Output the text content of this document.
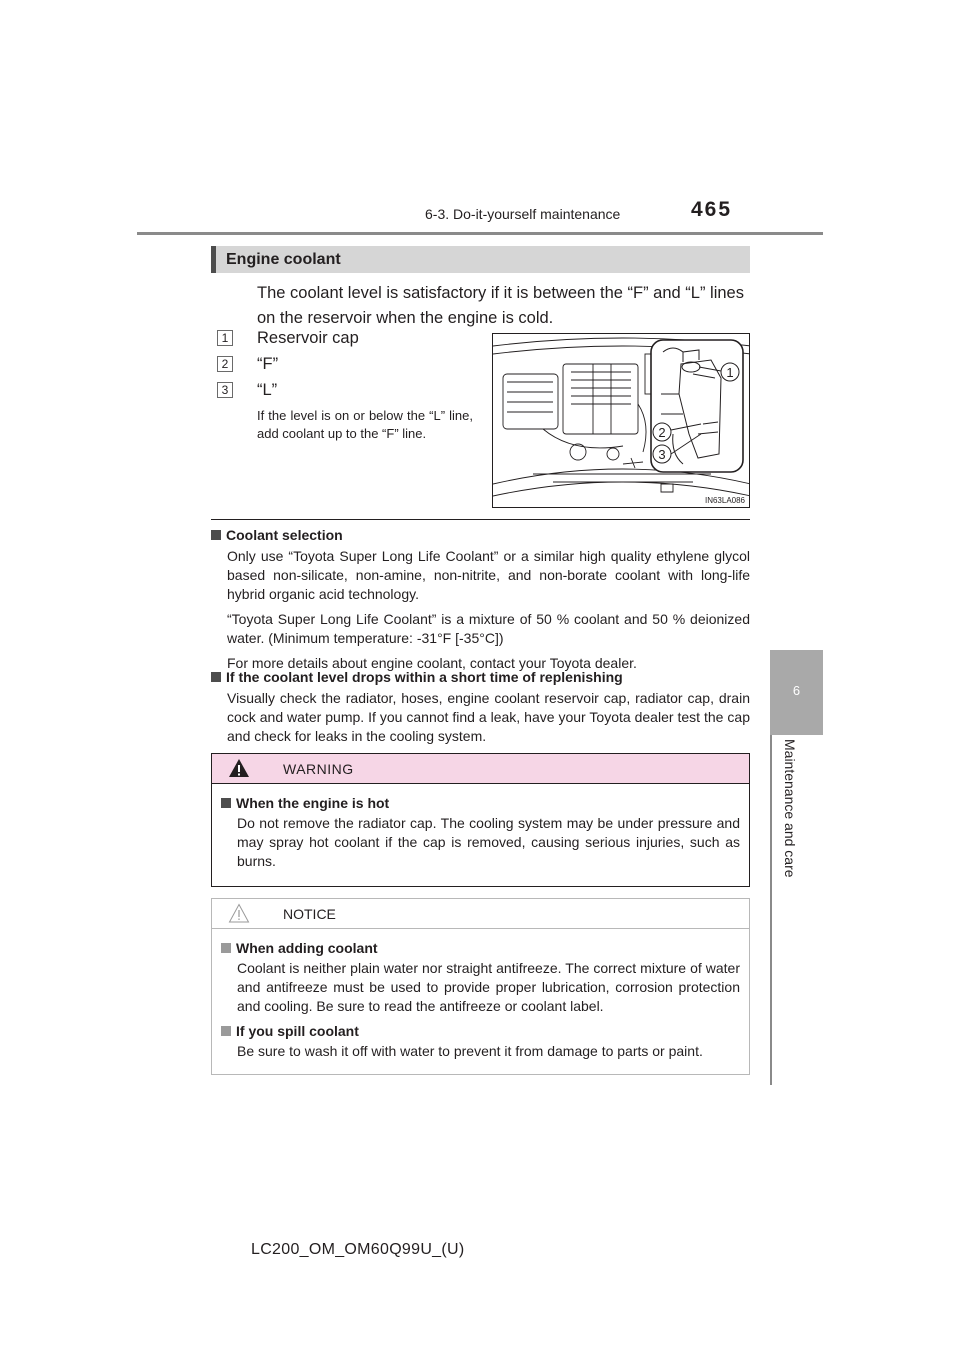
6-3. Do-it-yourself maintenance	465
6
Maintenance and care
Engine coolant
The coolant level is satisfactory if it is between the “F” and “L” lines on the reservoir when the engine is cold.
1 Reservoir cap
2 “F”
3 “L”
If the level is on or below the “L” line, add coolant up to the “F” line.
1
2
3
IN63LA086
Coolant selection

Only use “Toyota Super Long Life Coolant” or a similar high quality ethylene glycol based non-silicate, non-amine, non-nitrite, and non-borate coolant with long-life hybrid organic acid technology.

“Toyota Super Long Life Coolant” is a mixture of 50 % coolant and 50 % deionized water. (Minimum temperature: -31°F [-35°C])

For more details about engine coolant, contact your Toyota dealer.

If the coolant level drops within a short time of replenishing

Visually check the radiator, hoses, engine coolant reservoir cap, radiator cap, drain cock and water pump. If you cannot find a leak, have your Toyota dealer test the cap and check for leaks in the cooling system.

WARNING
When the engine is hot
Do not remove the radiator cap. The cooling system may be under pressure and may spray hot coolant if the cap is removed, causing serious injuries, such as burns.
NOTICE
When adding coolant
Coolant is neither plain water nor straight antifreeze. The correct mixture of water and antifreeze must be used to provide proper lubrication, corrosion protection and cooling. Be sure to read the antifreeze or coolant label.
If you spill coolant
Be sure to wash it off with water to prevent it from damage to parts or paint.
LC200_OM_OM60Q99U_(U)
